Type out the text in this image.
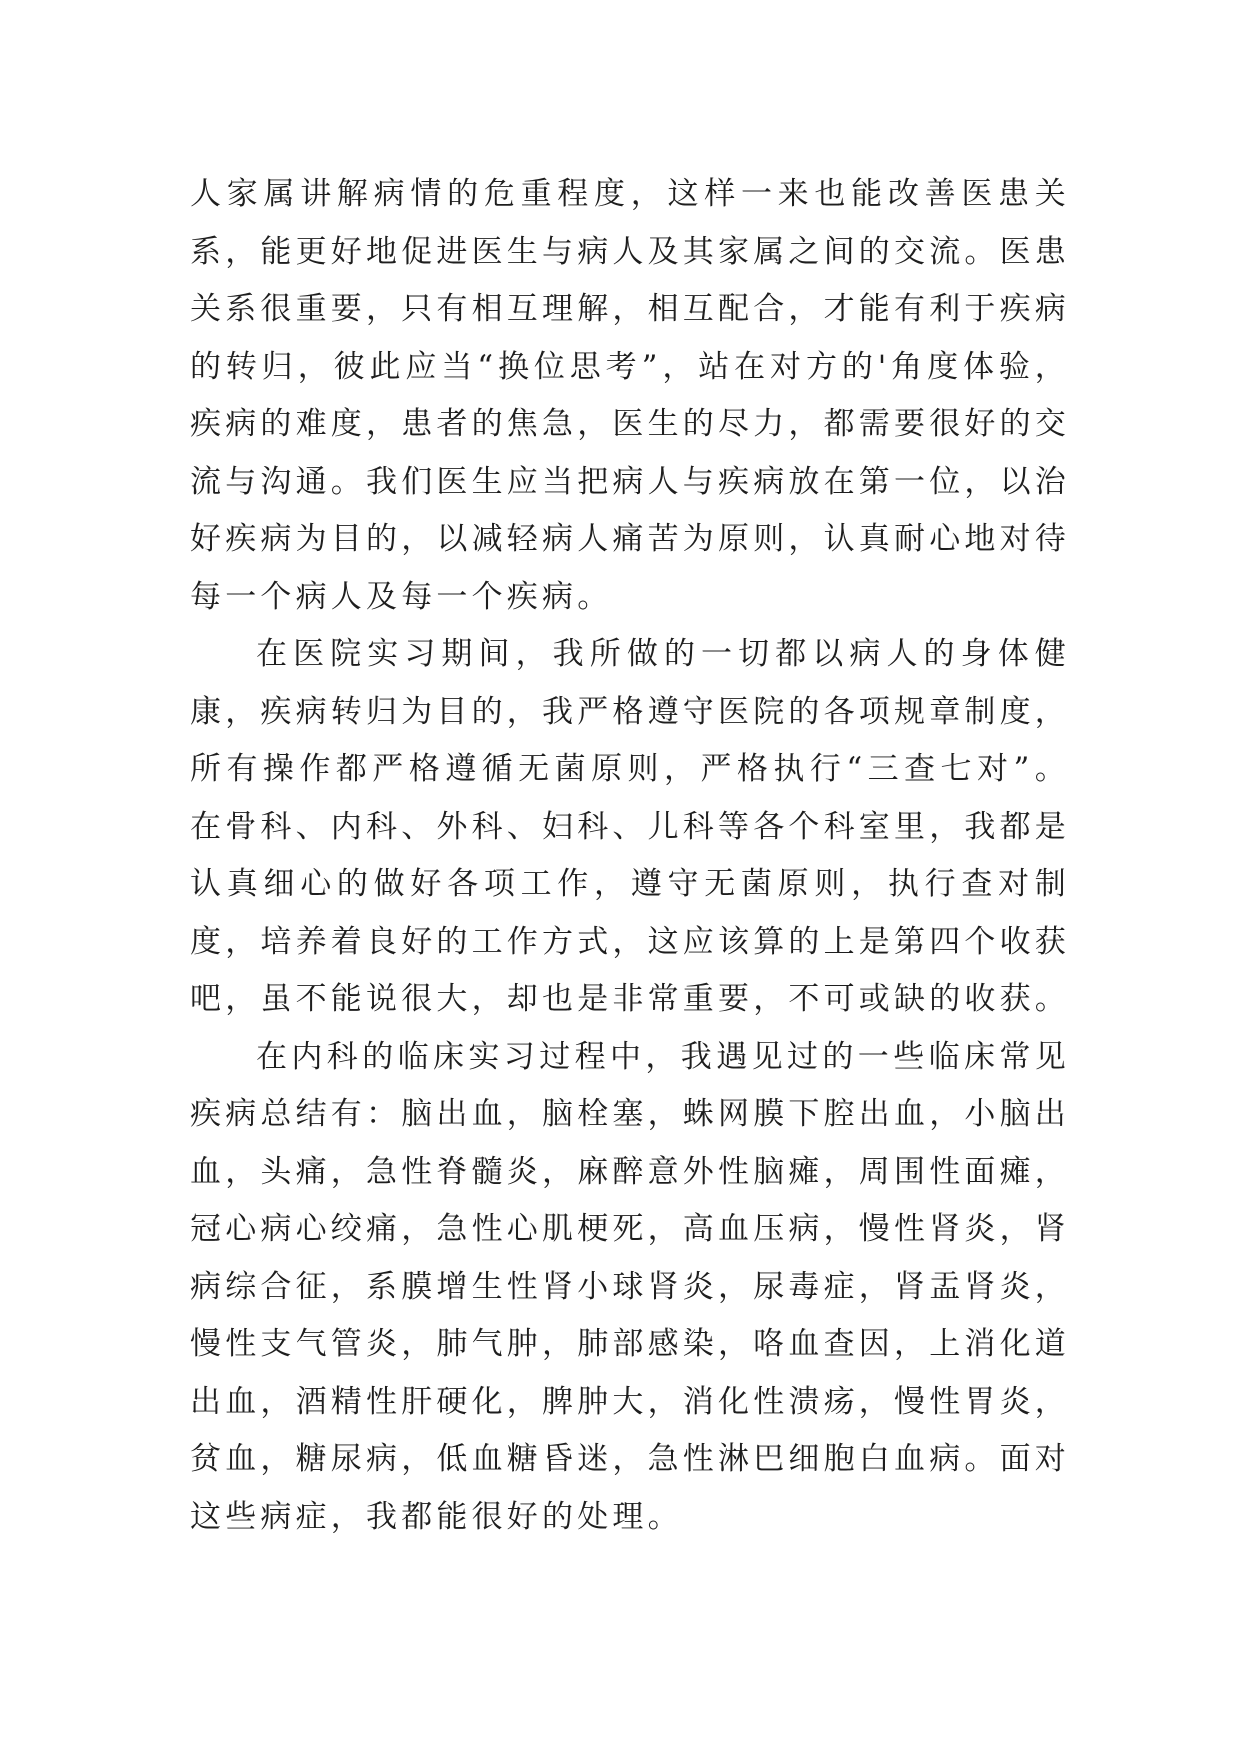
人家属讲解病情的危重程度，这样一来也能改善医患关系，能更好地促进医生与病人及其家属之间的交流。医患关系很重要，只有相互理解，相互配合，才能有利于疾病的转归，彼此应当“换位思考”，站在对方的'角度体验，疾病的难度，患者的焦急，医生的尽力，都需要很好的交流与沟通。我们医生应当把病人与疾病放在第一位，以治好疾病为目的，以减轻病人痛苦为原则，认真耐心地对待每一个病人及每一个疾病。

在医院实习期间，我所做的一切都以病人的身体健康，疾病转归为目的，我严格遵守医院的各项规章制度，所有操作都严格遵循无菌原则，严格执行“三查七对”。在骨科、内科、外科、妇科、儿科等各个科室里，我都是认真细心的做好各项工作，遵守无菌原则，执行查对制度，培养着良好的工作方式，这应该算的上是第四个收获吧，虽不能说很大，却也是非常重要，不可或缺的收获。

在内科的临床实习过程中，我遇见过的一些临床常见疾病总结有：脑出血，脑栓塞，蛛网膜下腔出血，小脑出血，头痛，急性脊髓炎，麻醉意外性脑瘫，周围性面瘫，冠心病心绞痛，急性心肌梗死，高血压病，慢性肾炎，肾病综合征，系膜增生性肾小球肾炎，尿毒症，肾盂肾炎，慢性支气管炎，肺气肿，肺部感染，咯血查因，上消化道出血，酒精性肝硬化，脾肿大，消化性溃疡，慢性胃炎，贫血，糖尿病，低血糖昏迷，急性淋巴细胞白血病。面对这些病症，我都能很好的处理。
